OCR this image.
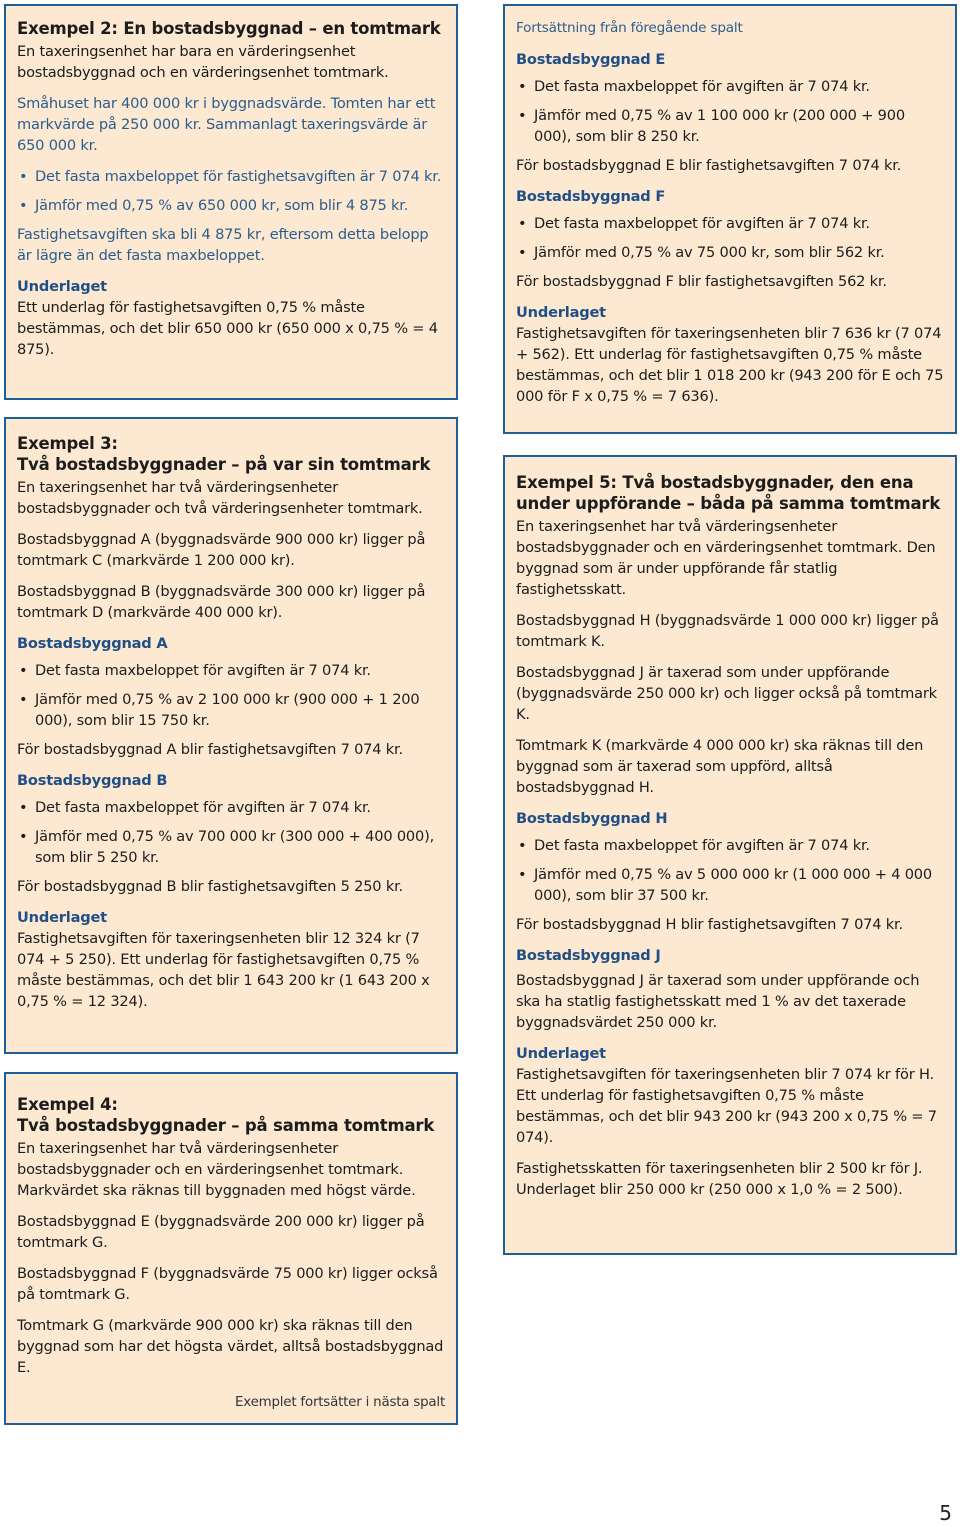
Exempel 2: En bostadsbyggnad – en tomtmark

En taxeringsenhet har bara en värderingsenhet bostadsbyggnad och en värderingsenhet tomtmark.

Småhuset har 400 000 kr i byggnadsvärde. Tomten har ett markvärde på 250 000 kr. Sammanlagt taxeringsvärde är 650 000 kr.

• Det fasta maxbeloppet för fastighetsavgiften är 7 074 kr.
• Jämför med 0,75 % av 650 000 kr, som blir 4 875 kr.

Fastighetsavgiften ska bli 4 875 kr, eftersom detta belopp är lägre än det fasta maxbeloppet.

Underlaget

Ett underlag för fastighetsavgiften 0,75 % måste bestämmas, och det blir 650 000 kr (650 000 x 0,75 % = 4 875).

Exempel 3:
Två bostadsbyggnader – på var sin tomtmark

En taxeringsenhet har två värderingsenheter bostadsbyggnader och två värderingsenheter tomtmark.

Bostadsbyggnad A (byggnadsvärde 900 000 kr) ligger på tomtmark C (markvärde 1 200 000 kr).

Bostadsbyggnad B (byggnadsvärde 300 000 kr) ligger på tomtmark D (markvärde 400 000 kr).

Bostadsbyggnad A
• Det fasta maxbeloppet för avgiften är 7 074 kr.
• Jämför med 0,75 % av 2 100 000 kr (900 000 + 1 200 000), som blir 15 750 kr.

För bostadsbyggnad A blir fastighetsavgiften 7 074 kr.

Bostadsbyggnad B
• Det fasta maxbeloppet för avgiften är 7 074 kr.
• Jämför med 0,75 % av 700 000 kr (300 000 + 400 000), som blir 5 250 kr.

För bostadsbyggnad B blir fastighetsavgiften 5 250 kr.

Underlaget

Fastighetsavgiften för taxeringsenheten blir 12 324 kr (7 074 + 5 250). Ett underlag för fastighetsavgiften 0,75 % måste bestämmas, och det blir 1 643 200 kr (1 643 200 x 0,75 % = 12 324).

Exempel 4:
Två bostadsbyggnader – på samma tomtmark

En taxeringsenhet har två värderingsenheter bostadsbyggnader och en värderingsenhet tomtmark. Markvärdet ska räknas till byggnaden med högst värde.

Bostadsbyggnad E (byggnadsvärde 200 000 kr) ligger på tomtmark G.

Bostadsbyggnad F (byggnadsvärde 75 000 kr) ligger också på tomtmark G.

Tomtmark G (markvärde 900 000 kr) ska räknas till den byggnad som har det högsta värdet, alltså bostadsbyggnad E.

Exemplet fortsätter i nästa spalt

Fortsättning från föregående spalt

Bostadsbyggnad E
• Det fasta maxbeloppet för avgiften är 7 074 kr.
• Jämför med 0,75 % av 1 100 000 kr (200 000 + 900 000), som blir 8 250 kr.

För bostadsbyggnad E blir fastighetsavgiften 7 074 kr.

Bostadsbyggnad F
• Det fasta maxbeloppet för avgiften är 7 074 kr.
• Jämför med 0,75 % av 75 000 kr, som blir 562 kr.

För bostadsbyggnad F blir fastighetsavgiften 562 kr.

Underlaget

Fastighetsavgiften för taxeringsenheten blir 7 636 kr (7 074 + 562). Ett underlag för fastighetsavgiften 0,75 % måste bestämmas, och det blir 1 018 200 kr (943 200 för E och 75 000 för F x 0,75 % = 7 636).

Exempel 5: Två bostadsbyggnader, den ena under uppförande – båda på samma tomtmark

En taxeringsenhet har två värderingsenheter bostadsbyggnader och en värderingsenhet tomtmark. Den byggnad som är under uppförande får statlig fastighetsskatt.

Bostadsbyggnad H (byggnadsvärde 1 000 000 kr) ligger på tomtmark K.

Bostadsbyggnad J är taxerad som under uppförande (byggnadsvärde 250 000 kr) och ligger också på tomtmark K.

Tomtmark K (markvärde 4 000 000 kr) ska räknas till den byggnad som är taxerad som uppförd, alltså bostadsbyggnad H.

Bostadsbyggnad H
• Det fasta maxbeloppet för avgiften är 7 074 kr.
• Jämför med 0,75 % av 5 000 000 kr (1 000 000 + 4 000 000), som blir 37 500 kr.

För bostadsbyggnad H blir fastighetsavgiften 7 074 kr.

Bostadsbyggnad J

Bostadsbyggnad J är taxerad som under uppförande och ska ha statlig fastighetsskatt med 1 % av det taxerade byggnadsvärdet 250 000 kr.

Underlaget

Fastighetsavgiften för taxeringsenheten blir 7 074 kr för H. Ett underlag för fastighetsavgiften 0,75 % måste bestämmas, och det blir 943 200 kr (943 200 x 0,75 % = 7 074).

Fastighetsskatten för taxeringsenheten blir 2 500 kr för J. Underlaget blir 250 000 kr (250 000 x 1,0 % = 2 500).

5
